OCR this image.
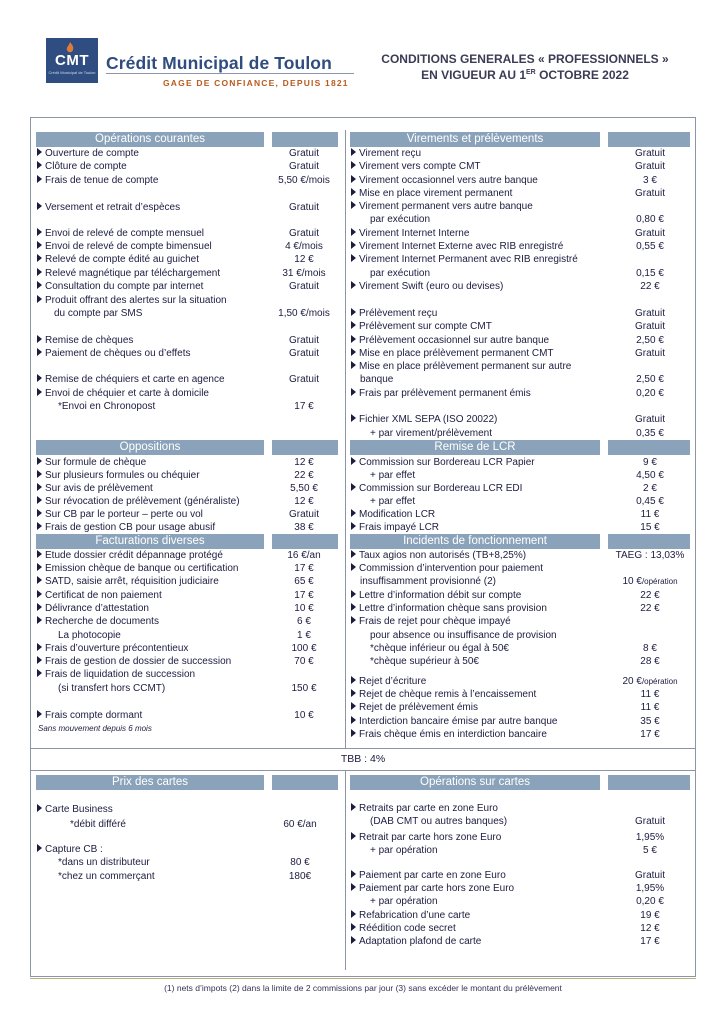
CMT
Crédit Municipal de Toulon Crédit Municipal de Toulon
GAGE DE CONFIANCE, DEPUIS 1821
CONDITIONS GENERALES « PROFESSIONNELS »
EN VIGUEUR AU 1ER OCTOBRE 2022
Opérations courantes	Virements et prélèvements
Oppositions	Remise de LCR
Facturations diverses	Incidents de fonctionnement
Prix des cartes	Opérations sur cartes
Ouverture de compte	Gratuit
Clôture de compte	Gratuit
Frais de tenue de compte	5,50 €/mois
Versement et retrait d’espèces	Gratuit
Envoi de relevé de compte mensuel	Gratuit
Envoi de relevé de compte bimensuel	4 €/mois
Relevé de compte édité au guichet	12 €
Relevé magnétique par téléchargement	31 €/mois
Consultation du compte par internet	Gratuit
Produit offrant des alertes sur la situation
du compte par SMS	1,50 €/mois
Remise de chèques	Gratuit
Paiement de chèques ou d’effets	Gratuit
Remise de chéquiers et carte en agence	Gratuit
Envoi de chéquier et carte à domicile
*Envoi en Chronopost	17 €
Sur formule de chèque	12 €
Sur plusieurs formules ou chéquier	22 €
Sur avis de prélèvement	5,50 €
Sur révocation de prélèvement (généraliste)	12 €
Sur CB par le porteur – perte ou vol	Gratuit
Frais de gestion CB pour usage abusif	38 €
Etude dossier crédit dépannage protégé	16 €/an
Emission chèque de banque ou certification	17 €
SATD, saisie arrêt, réquisition judiciaire	65 €
Certificat de non paiement	17 €
Délivrance d’attestation	10 €
Recherche de documents	6 €
La photocopie	1 €
Frais d’ouverture précontentieux	100 €
Frais de gestion de dossier de succession	70 €
Frais de liquidation de succession
(si transfert hors CCMT)	150 €
Frais compte dormant	10 €
Virement reçu	Gratuit
Virement vers compte CMT	Gratuit
Virement occasionnel vers autre banque	3 €
Mise en place virement permanent	Gratuit
Virement permanent vers autre banque
par exécution	0,80 €
Virement Internet Interne	Gratuit
Virement Internet Externe avec RIB enregistré	0,55 €
Virement Internet Permanent avec RIB enregistré
par exécution	0,15 €
Virement Swift (euro ou devises)	22 €
Prélèvement reçu	Gratuit
Prélèvement sur compte CMT	Gratuit
Prélèvement occasionnel sur autre banque	2,50 €
Mise en place prélèvement permanent CMT	Gratuit
Mise en place prélèvement permanent sur autre
banque	2,50 €
Frais par prélèvement permanent émis	0,20 €
Fichier XML SEPA (ISO 20022)	Gratuit
+ par virement/prélèvement	0,35 €
Commission sur Bordereau LCR Papier	9 €
+ par effet	4,50 €
Commission sur Bordereau LCR EDI	2 €
+ par effet	0,45 €
Modification LCR	11 €
Frais impayé LCR	15 €
Taux agios non autorisés (TB+8,25%)	TAEG : 13,03%
Commission d’intervention pour paiement
insuffisamment provisionné (2)	10 €/opération
Lettre d’information débit sur compte	22 €
Lettre d’information chèque sans provision	22 €
Frais de rejet pour chèque impayé
pour absence ou insuffisance de provision
*chèque inférieur ou égal à 50€	8 €
*chèque supérieur à 50€	28 €
Rejet d’écriture	20 €/opération
Rejet de chèque remis à l’encaissement	11 €
Rejet de prélèvement émis	11 €
Interdiction bancaire émise par autre banque	35 €
Frais chèque émis en interdiction bancaire	17 €
Carte Business
*débit différé	60 €/an
Capture CB :
*dans un distributeur	80 €
*chez un commerçant	180€
Retraits par carte en zone Euro
(DAB CMT ou autres banques)	Gratuit
Retrait par carte hors zone Euro	1,95%
+ par opération	5 €
Paiement par carte en zone Euro	Gratuit
Paiement par carte hors zone Euro	1,95%
+ par opération	0,20 €
Refabrication d’une carte	19 €
Réédition code secret	12 €
Adaptation plafond de carte	17 €
Sans mouvement depuis 6 mois
TBB : 4%
(1) nets d’impots (2) dans la limite de 2 commissions par jour (3) sans excéder le montant du prélèvement
